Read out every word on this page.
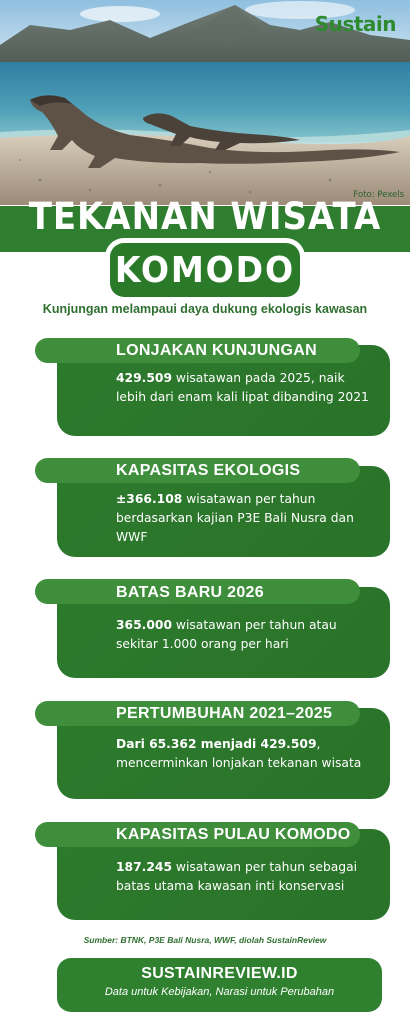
Sustain
Foto: Pexels
TEKANAN WISATA
KOMODO
Kunjungan melampaui daya dukung ekologis kawasan
LONJAKAN KUNJUNGAN
429.509 wisatawan pada 2025, naik lebih dari enam kali lipat dibanding 2021
KAPASITAS EKOLOGIS
±366.108 wisatawan per tahun berdasarkan kajian P3E Bali Nusra dan WWF
BATAS BARU 2026
365.000 wisatawan per tahun atau sekitar 1.000 orang per hari
PERTUMBUHAN 2021–2025
Dari 65.362 menjadi 429.509, mencerminkan lonjakan tekanan wisata
KAPASITAS PULAU KOMODO
187.245 wisatawan per tahun sebagai batas utama kawasan inti konservasi
Sumber: BTNK, P3E Bali Nusra, WWF, diolah SustainReview
SUSTAINREVIEW.ID
Data untuk Kebijakan, Narasi untuk Perubahan
